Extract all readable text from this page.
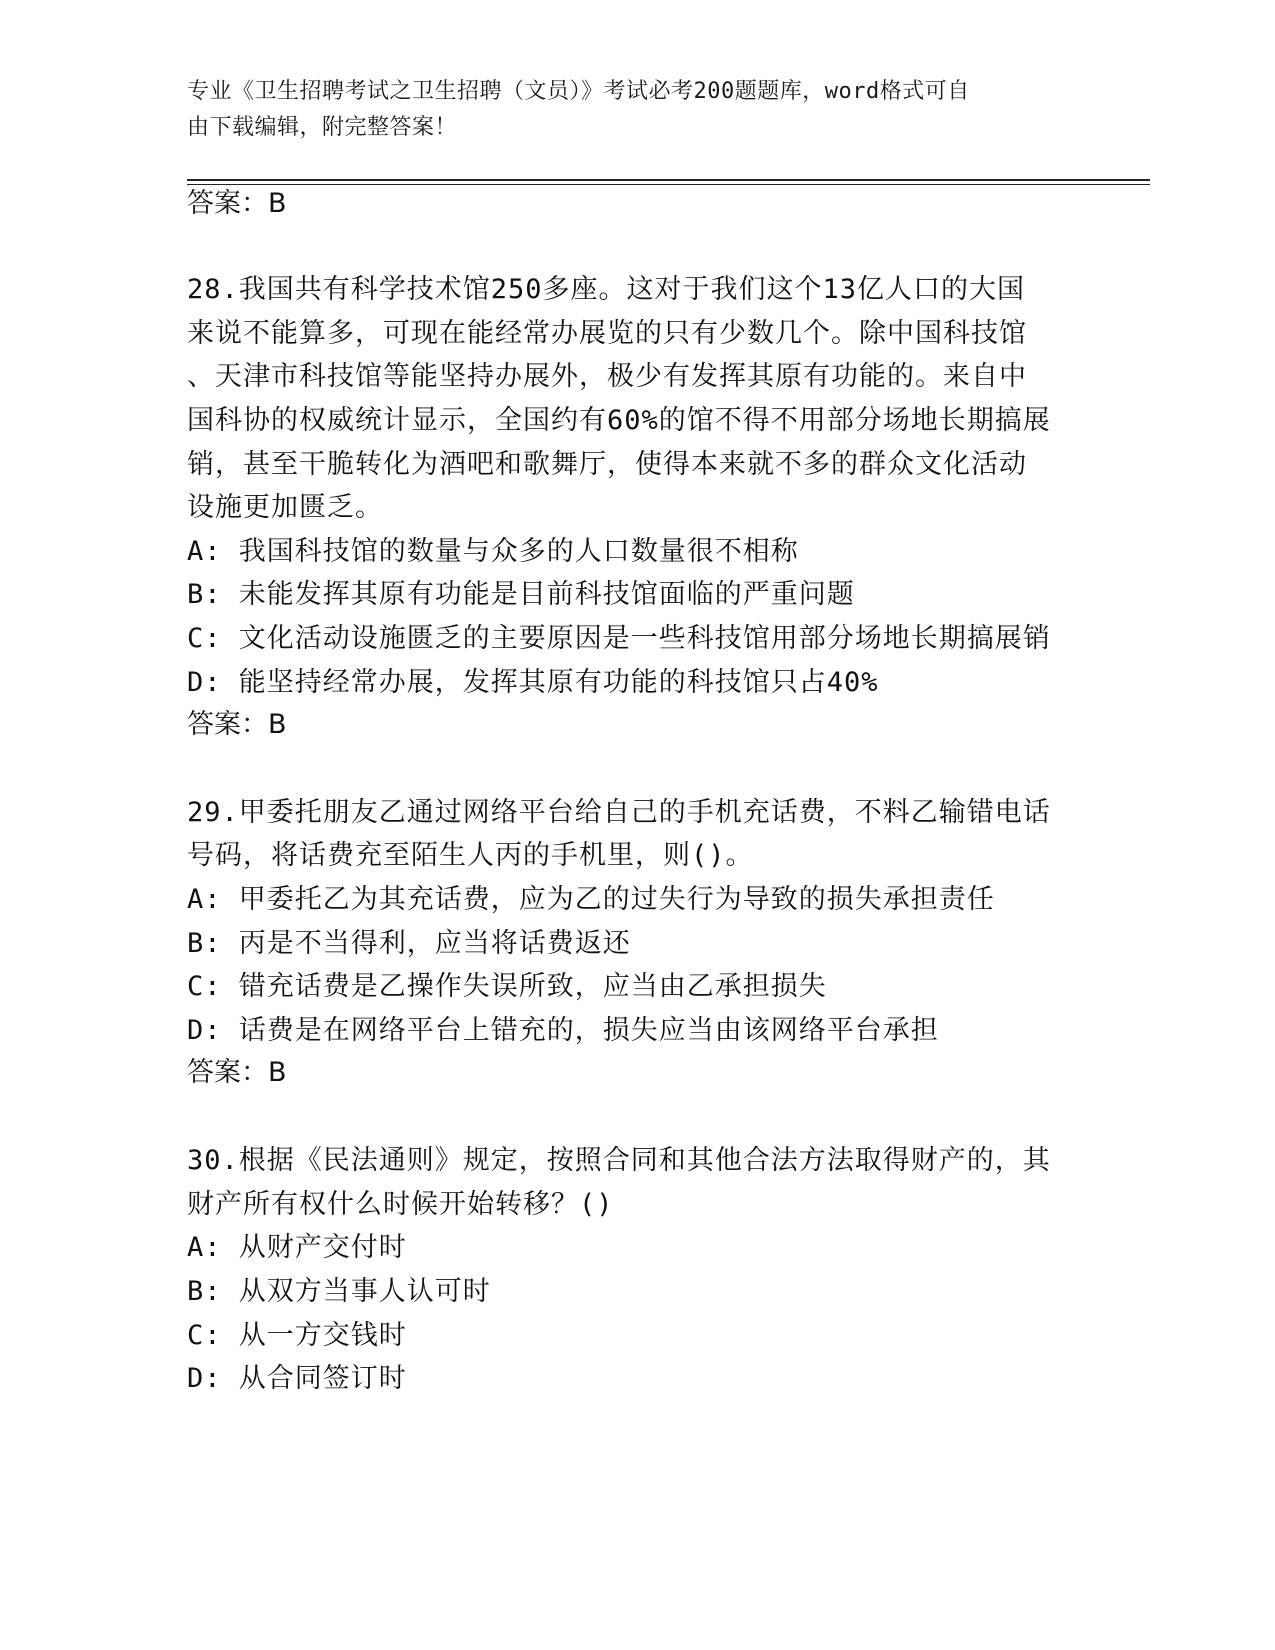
专业《卫生招聘考试之卫生招聘（文员）》考试必考200题题库，word格式可自
由下载编辑，附完整答案！
答案：B
28.我国共有科学技术馆250多座。这对于我们这个13亿人口的大国
来说不能算多，可现在能经常办展览的只有少数几个。除中国科技馆
、天津市科技馆等能坚持办展外，极少有发挥其原有功能的。来自中
国科协的权威统计显示，全国约有60%的馆不得不用部分场地长期搞展
销，甚至干脆转化为酒吧和歌舞厅，使得本来就不多的群众文化活动
设施更加匮乏。
A: 我国科技馆的数量与众多的人口数量很不相称
B: 未能发挥其原有功能是目前科技馆面临的严重问题
C: 文化活动设施匮乏的主要原因是一些科技馆用部分场地长期搞展销
D: 能坚持经常办展，发挥其原有功能的科技馆只占40%
答案：B
29.甲委托朋友乙通过网络平台给自己的手机充话费，不料乙输错电话
号码，将话费充至陌生人丙的手机里，则()。
A: 甲委托乙为其充话费，应为乙的过失行为导致的损失承担责任
B: 丙是不当得利，应当将话费返还
C: 错充话费是乙操作失误所致，应当由乙承担损失
D: 话费是在网络平台上错充的，损失应当由该网络平台承担
答案：B
30.根据《民法通则》规定，按照合同和其他合法方法取得财产的，其
财产所有权什么时候开始转移？()
A: 从财产交付时
B: 从双方当事人认可时
C: 从一方交钱时
D: 从合同签订时
